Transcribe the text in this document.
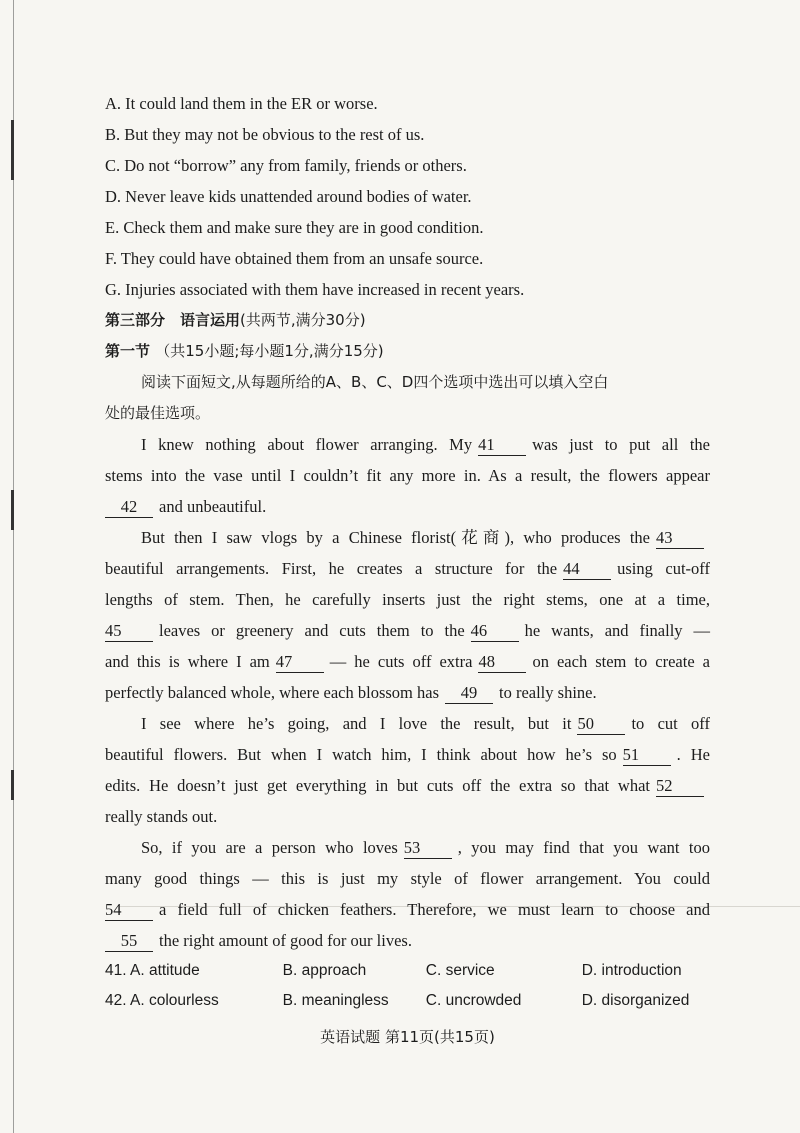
A. It could land them in the ER or worse.
B. But they may not be obvious to the rest of us.
C. Do not “borrow” any from family, friends or others.
D. Never leave kids unattended around bodies of water.
E. Check them and make sure they are in good condition.
F. They could have obtained them from an unsafe source.
G. Injuries associated with them have increased in recent years.
第三部分　语言运用(共两节,满分30分)
第一节 （共15小题;每小题1分,满分15分)
阅读下面短文,从每题所给的A、B、C、D四个选项中选出可以填入空白
处的最佳选项。
I knew nothing about flower arranging. My 41 was just to put all the
stems into the vase until I couldn’t fit any more in. As a result, the flowers appear
42 and unbeautiful.
But then I saw vlogs by a Chinese florist(花商), who produces the 43
beautiful arrangements. First, he creates a structure for the 44 using cut-off
lengths of stem. Then, he carefully inserts just the right stems, one at a time,
45 leaves or greenery and cuts them to the 46 he wants, and finally —
and this is where I am 47 — he cuts off extra 48 on each stem to create a
perfectly balanced whole, where each blossom has 49 to really shine.
I see where he’s going, and I love the result, but it 50 to cut off
beautiful flowers. But when I watch him, I think about how he’s so 51 . He
edits. He doesn’t just get everything in but cuts off the extra so that what 52
really stands out.
So, if you are a person who loves 53 , you may find that you want too
many good things — this is just my style of flower arrangement. You could
54 a field full of chicken feathers. Therefore, we must learn to choose and
55 the right amount of good for our lives.
41. A. attitude	B. approach	C. service	D. introduction
42. A. colourless	B. meaningless	C. uncrowded	D. disorganized
英语试题 第11页(共15页)
